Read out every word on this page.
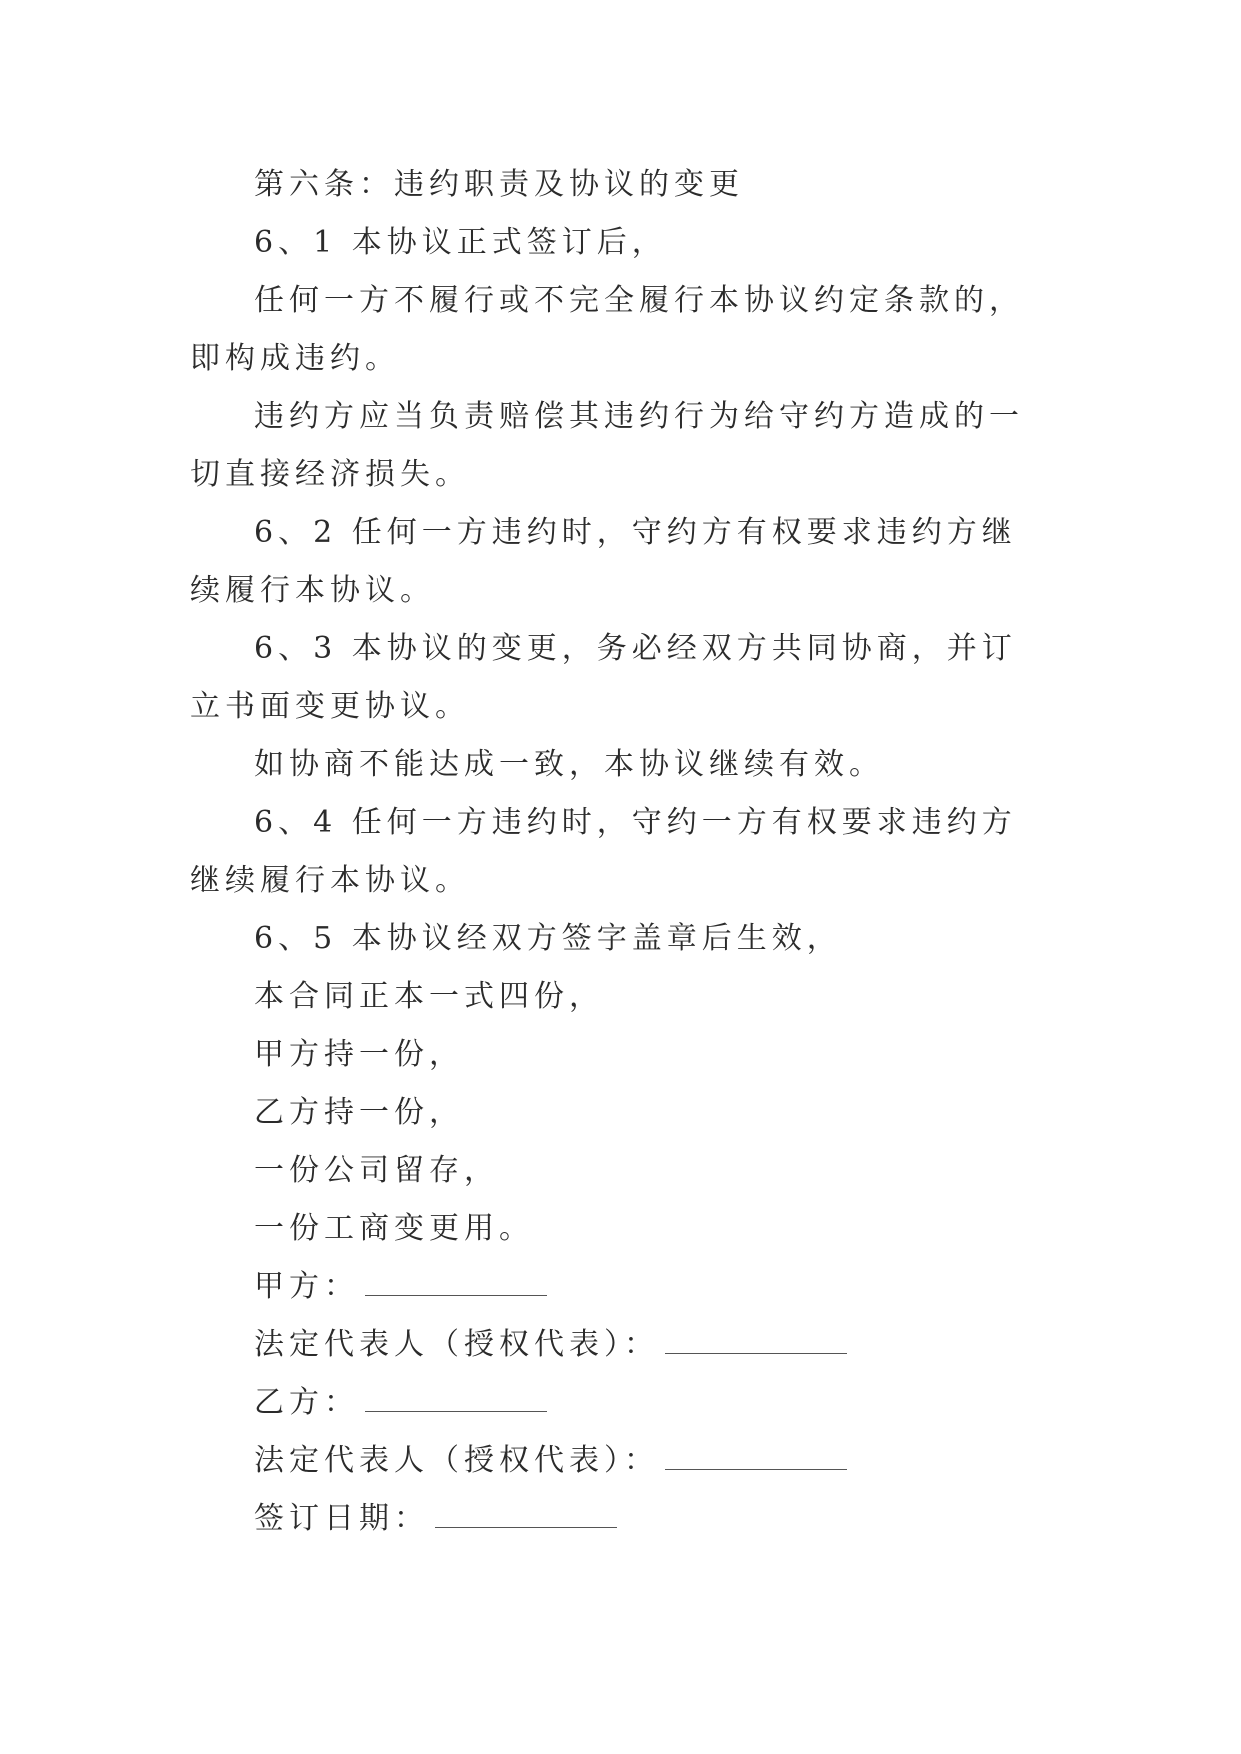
第六条：违约职责及协议的变更

6、1 本协议正式签订后，

任何一方不履行或不完全履行本协议约定条款的，即构成违约。

违约方应当负责赔偿其违约行为给守约方造成的一切直接经济损失。

6、2 任何一方违约时，守约方有权要求违约方继续履行本协议。

6、3 本协议的变更，务必经双方共同协商，并订立书面变更协议。

如协商不能达成一致，本协议继续有效。

6、4 任何一方违约时，守约一方有权要求违约方继续履行本协议。

6、5 本协议经双方签字盖章后生效，

本合同正本一式四份，

甲方持一份，

乙方持一份，

一份公司留存，

一份工商变更用。

甲方：

法定代表人（授权代表）：

乙方：

法定代表人（授权代表）：

签订日期：
